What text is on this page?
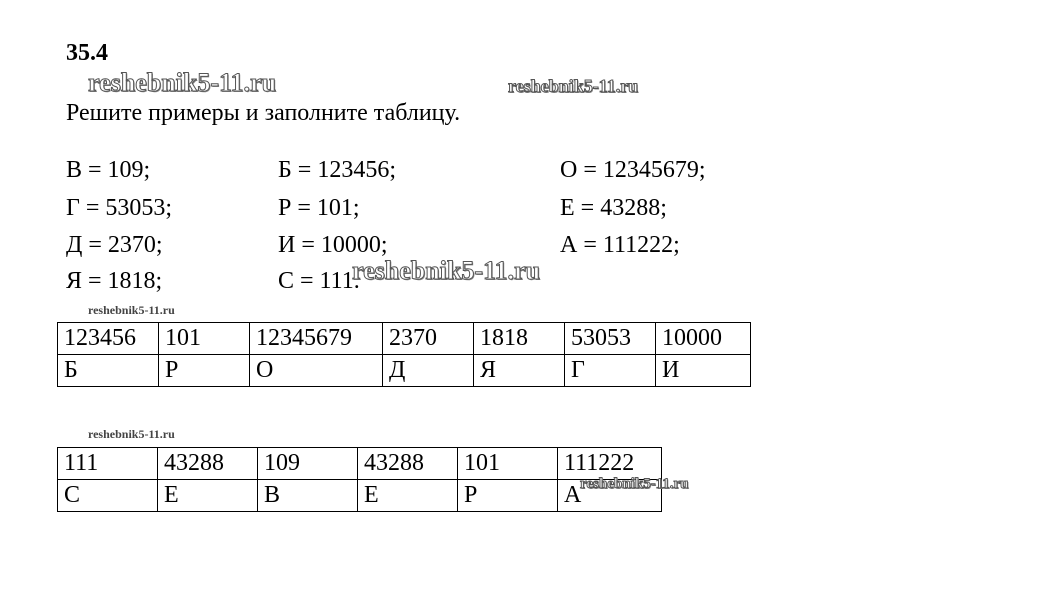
35.4
reshebnik5-11.ru	reshebnik5-11.ru
Решите примеры и заполните таблицу.
В = 109;
Г = 53053;
Д = 2370;
Я = 1818;
Б = 123456;
Р = 101;
И = 10000;
С = 111.
О = 12345679;
Е = 43288;
А = 111222;
reshebnik5-11.ru
reshebnik5-11.ru
123456	101	12345679	2370	1818	53053	10000
Б	Р	О	Д	Я	Г	И
reshebnik5-11.ru
111	43288	109	43288	101	111222
С	Е	В	Е	Р	А
reshebnik5-11.ru
